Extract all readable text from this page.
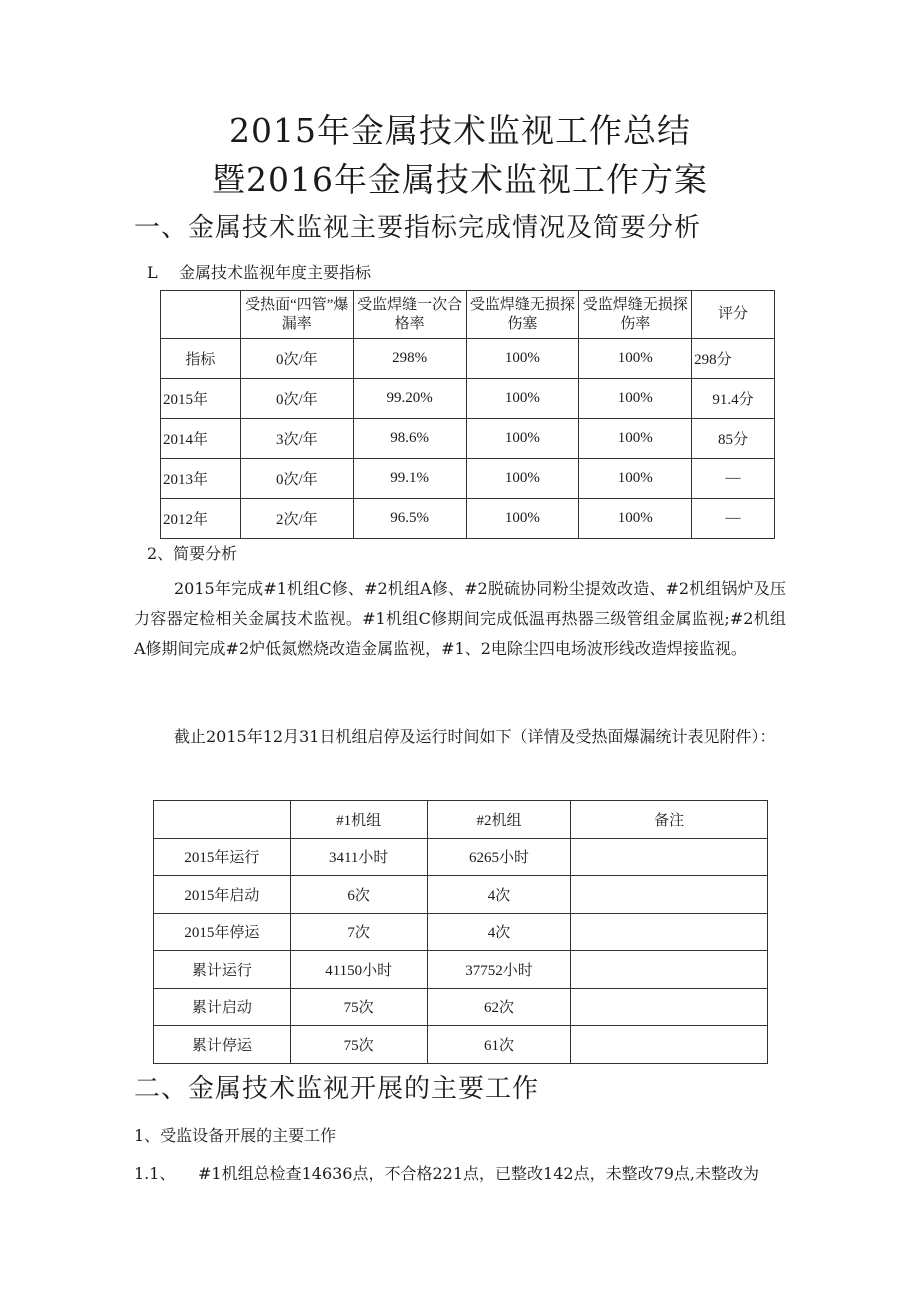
2015年金属技术监视工作总结
暨2016年金属技术监视工作方案
一、金属技术监视主要指标完成情况及简要分析
L 金属技术监视年度主要指标
	受热面“四管”爆漏率	受监焊缝一次合格率	受监焊缝无损探伤塞	受监焊缝无损探伤率	评分
指标	0次/年	298%	100%	100%	298分
2015年	0次/年	99.20%	100%	100%	91.4分
2014年	3次/年	98.6%	100%	100%	85分
2013年	0次/年	99.1%	100%	100%	—
2012年	2次/年	96.5%	100%	100%	—
2、简要分析
2015年完成#1机组C修、#2机组A修、#2脱硫协同粉尘提效改造、#2机组锅炉及压力容器定检相关金属技术监视。#1机组C修期间完成低温再热器三级管组金属监视;#2机组A修期间完成#2炉低氮燃烧改造金属监视，#1、2电除尘四电场波形线改造焊接监视。
截止2015年12月31日机组启停及运行时间如下（详情及受热面爆漏统计表见附件）：
	#1机组	#2机组	备注
2015年运行	3411小时	6265小时	
2015年启动	6次	4次	
2015年停运	7次	4次	
累计运行	41150小时	37752小时	
累计启动	75次	62次	
累计停运	75次	61次	
二、金属技术监视开展的主要工作
1、受监设备开展的主要工作
1.1、 #1机组总检查14636点，不合格221点，已整改142点，未整改79点,未整改为
